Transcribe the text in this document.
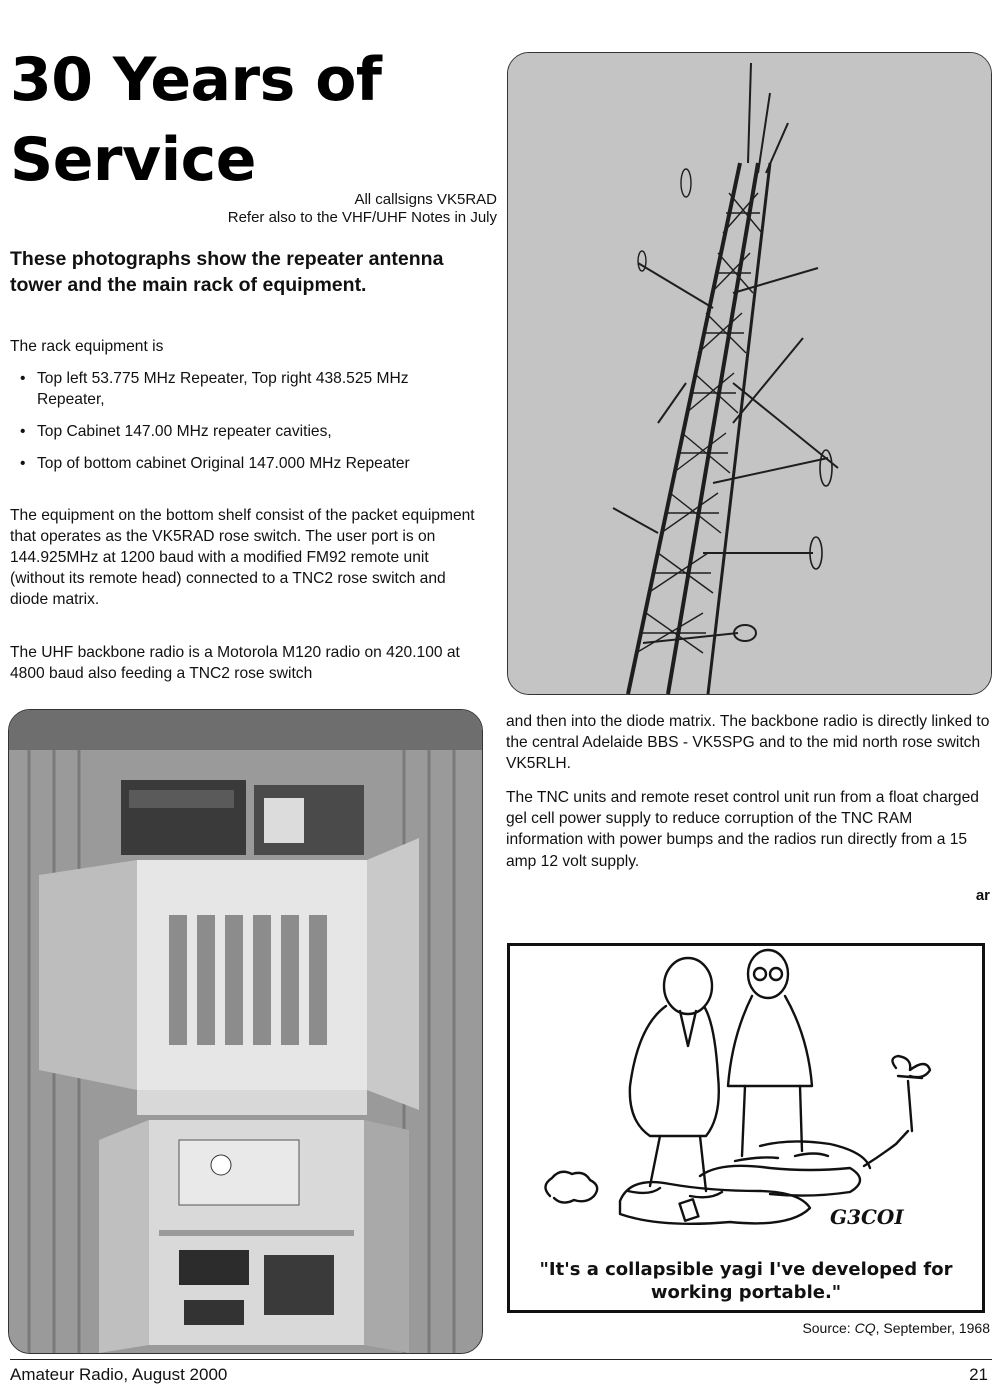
30 Years of
Service
All callsigns VK5RAD
Refer also to the VHF/UHF Notes in July
These photographs show the repeater antenna tower and the main rack of equipment.

The rack equipment is

• Top left 53.775 MHz Repeater, Top right 438.525 MHz Repeater,
• Top Cabinet 147.00 MHz repeater cavities,
• Top of bottom cabinet Original 147.000 MHz Repeater

The equipment on the bottom shelf consist of the packet equipment that operates as the VK5RAD rose switch. The user port is on 144.925MHz at 1200 baud with a modified FM92 remote unit (without its remote head) connected to a TNC2 rose switch and diode matrix.

The UHF backbone radio is a Motorola M120 radio on 420.100 at 4800 baud also feeding a TNC2 rose switch

and then into the diode matrix. The backbone radio is directly linked to the central Adelaide BBS - VK5SPG and to the mid north rose switch VK5RLH.
The TNC units and remote reset control unit run from a float charged gel cell power supply to reduce corruption of the TNC RAM information with power bumps and the radios run directly from a 15 amp 12 volt supply.
ar
G3COI
"It's a collapsible yagi I've developed for
working portable."
Source: CQ, September, 1968
Amateur Radio, August 2000	21
